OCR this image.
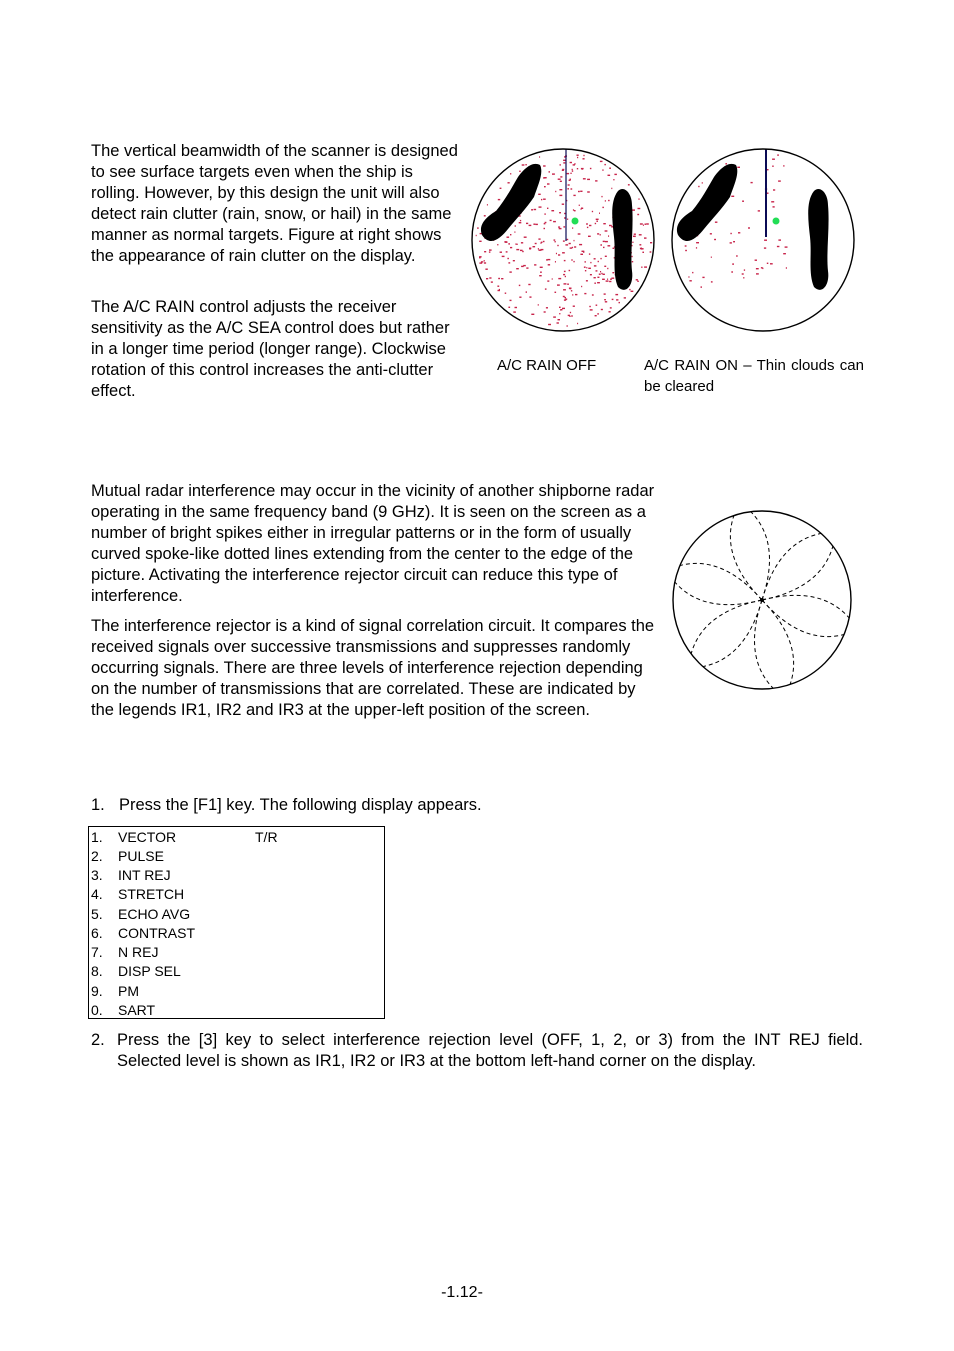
The vertical beamwidth of the scanner is designed to see surface targets even when the ship is rolling. However, by this design the unit will also detect rain clutter (rain, snow, or hail) in the same manner as normal targets. Figure at right shows the appearance of rain clutter on the display.

The A/C RAIN control adjusts the receiver sensitivity as the A/C SEA control does but rather in a longer time period (longer range). Clockwise rotation of this control increases the anti-clutter effect.

A/C RAIN OFF	A/C RAIN ON – Thin clouds can be cleared

Mutual radar interference may occur in the vicinity of another shipborne radar operating in the same frequency band (9 GHz). It is seen on the screen as a number of bright spikes either in irregular patterns or in the form of usually curved spoke-like dotted lines extending from the center to the edge of the picture. Activating the interference rejector circuit can reduce this type of interference.

The interference rejector is a kind of signal correlation circuit. It compares the received signals over successive transmissions and suppresses randomly occurring signals. There are three levels of interference rejection depending on the number of transmissions that are correlated. These are indicated by the legends IR1, IR2 and IR3 at the upper-left position of the screen.

1. Press the [F1] key. The following display appears.
1. VECTOR	T/R
2. PULSE
3. INT REJ
4. STRETCH
5. ECHO AVG
6. CONTRAST
7. N REJ
8. DISP SEL
9. PM
0. SART
2. Press the [3] key to select interference rejection level (OFF, 1, 2, or 3) from the INT REJ field. Selected level is shown as IR1, IR2 or IR3 at the bottom left-hand corner on the display.
-1.12-
